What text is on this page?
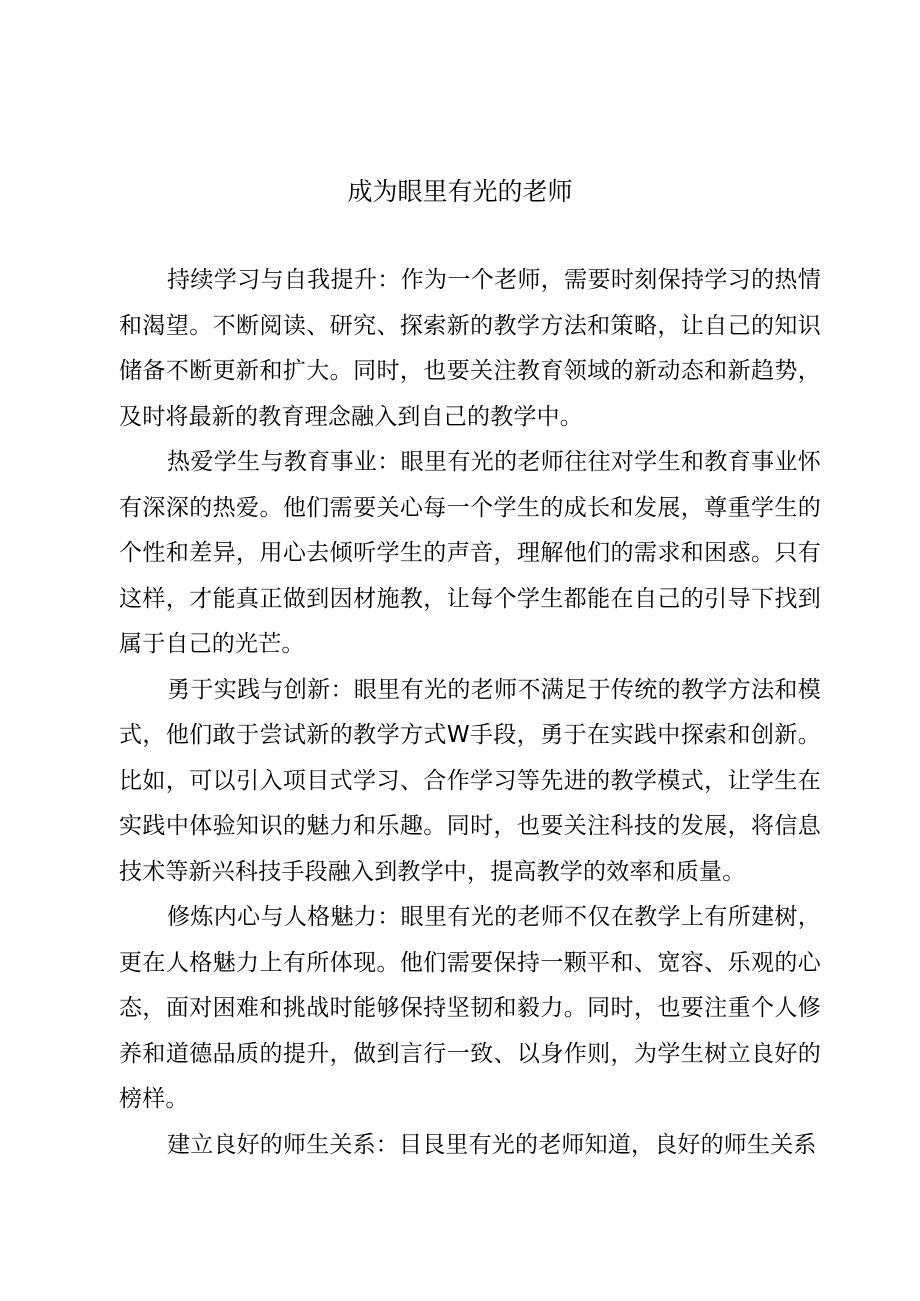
成为眼里有光的老师

持续学习与自我提升：作为一个老师，需要时刻保持学习的热情和渴望。不断阅读、研究、探索新的教学方法和策略，让自己的知识储备不断更新和扩大。同时，也要关注教育领域的新动态和新趋势，及时将最新的教育理念融入到自己的教学中。

热爱学生与教育事业：眼里有光的老师往往对学生和教育事业怀有深深的热爱。他们需要关心每一个学生的成长和发展，尊重学生的个性和差异，用心去倾听学生的声音，理解他们的需求和困惑。只有这样，才能真正做到因材施教，让每个学生都能在自己的引导下找到属于自己的光芒。

勇于实践与创新：眼里有光的老师不满足于传统的教学方法和模式，他们敢于尝试新的教学方式W手段，勇于在实践中探索和创新。比如，可以引入项目式学习、合作学习等先进的教学模式，让学生在实践中体验知识的魅力和乐趣。同时，也要关注科技的发展，将信息技术等新兴科技手段融入到教学中，提高教学的效率和质量。

修炼内心与人格魅力：眼里有光的老师不仅在教学上有所建树，更在人格魅力上有所体现。他们需要保持一颗平和、宽容、乐观的心态，面对困难和挑战时能够保持坚韧和毅力。同时，也要注重个人修养和道德品质的提升，做到言行一致、以身作则，为学生树立良好的榜样。

建立良好的师生关系：目艮里有光的老师知道，良好的师生关系
